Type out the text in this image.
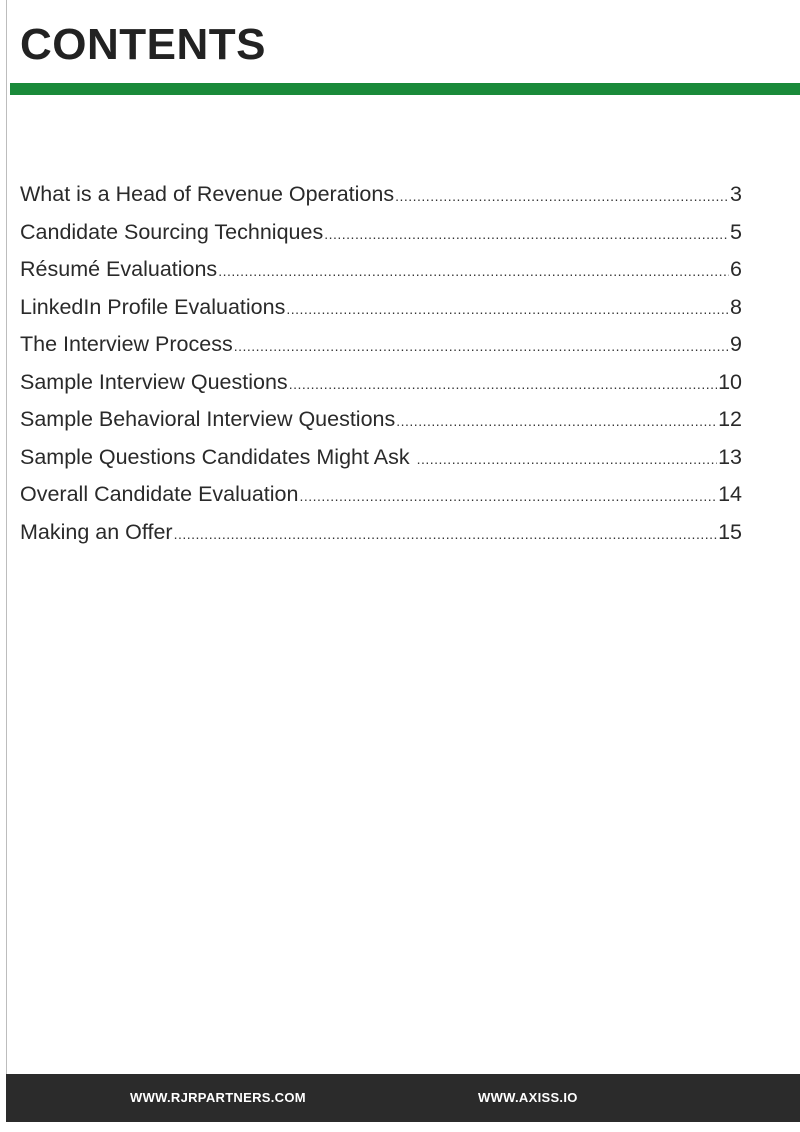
CONTENTS
What is a Head of Revenue Operations .....	3
Candidate Sourcing Techniques .....	5
Résumé Evaluations .....	6
LinkedIn Profile Evaluations .....	8
The Interview Process .....	9
Sample Interview Questions .....	10
Sample Behavioral Interview Questions .....	12
Sample Questions Candidates Might Ask .....	13
Overall Candidate Evaluation .....	14
Making an Offer .....	15
WWW.RJRPARTNERS.COM	WWW.AXISS.IO
